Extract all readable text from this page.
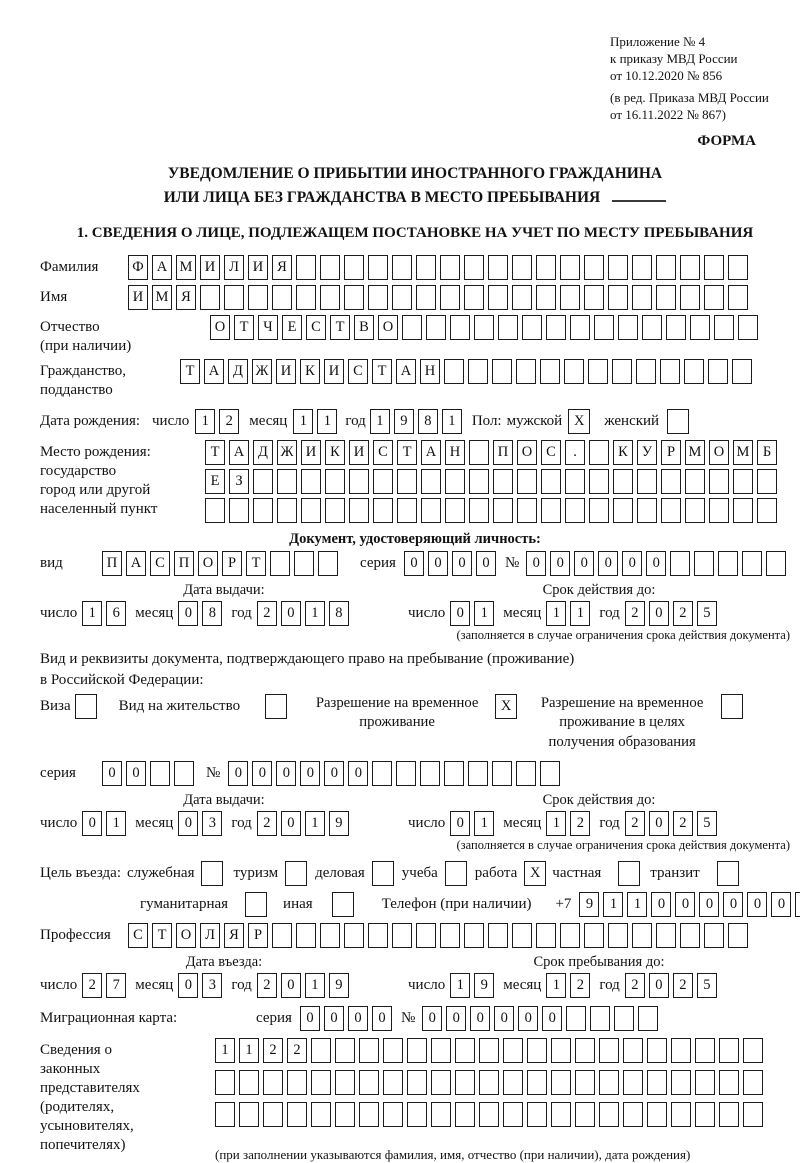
Приложение № 4
к приказу МВД России
от 10.12.2020 № 856
(в ред. Приказа МВД России
от 16.11.2022 № 867)
ФОРМА
УВЕДОМЛЕНИЕ О ПРИБЫТИИ ИНОСТРАННОГО ГРАЖДАНИНА
ИЛИ ЛИЦА БЕЗ ГРАЖДАНСТВА В МЕСТО ПРЕБЫВАНИЯ
1. СВЕДЕНИЯ О ЛИЦЕ, ПОДЛЕЖАЩЕМ ПОСТАНОВКЕ НА УЧЕТ ПО МЕСТУ ПРЕБЫВАНИЯ
Фамилия	Ф А М И Л И Я
Имя	И М Я
Отчество
(при наличии)
О Т	Ч	Е	С	Т	В О
Гражданство,
подданство
Т А Д Ж И К И С	Т А Н
Дата рождения: число 1	2	месяц 1	1 год 1	9	8	1	Пол: мужской X	женский
Место рождения:
государство
город или другой
населенный пункт
Т А Д Ж И К И С	Т А Н	П О С	.	К У	Р М О М Б
Е	З
Документ, удостоверяющий личность:
вид	П А С П О	Р	Т	серия 0	0	0	0	№ 0	0	0	0	0	0
Дата выдачи:
число 1	6	месяц 0	8	год 2	0	1	8
Срок действия до:
число 0	1	месяц 1	1	год 2	0	2	5
(заполняется в случае ограничения срока действия документа)
Вид и реквизиты документа, подтверждающего право на пребывание (проживание)
в Российской Федерации:
Виза	Вид на жительство	Разрешение на временное проживание
X	Разрешение на временное проживание в целях получения образования
серия	0	0	№ 0	0	0	0	0	0
Дата выдачи:
число 0	1	месяц 0	3	год 2	0	1	9
Срок действия до:
число 0	1	месяц 1	2	год 2	0	2	5
(заполняется в случае ограничения срока действия документа)
Цель въезда: служебная	туризм деловая учеба работа X частная	транзит
гуманитарная	иная	Телефон (при наличии) +7 9	1	1	0	0	0	0	0	0
Профессия	С	Т О Л Я	Р
Дата въезда:
число 2	7	месяц 0	3	год 2	0	1	9
Срок пребывания до:
число 1	9	месяц 1	2	год 2	0	2	5
Миграционная карта:	серия 0	0	0	0	№ 0	0	0	0	0	0
Сведения о
законных
представителях
(родителях,
усыновителях,
попечителях)
1	1	2	2
(при заполнении указываются фамилия, имя, отчество (при наличии), дата рождения)
